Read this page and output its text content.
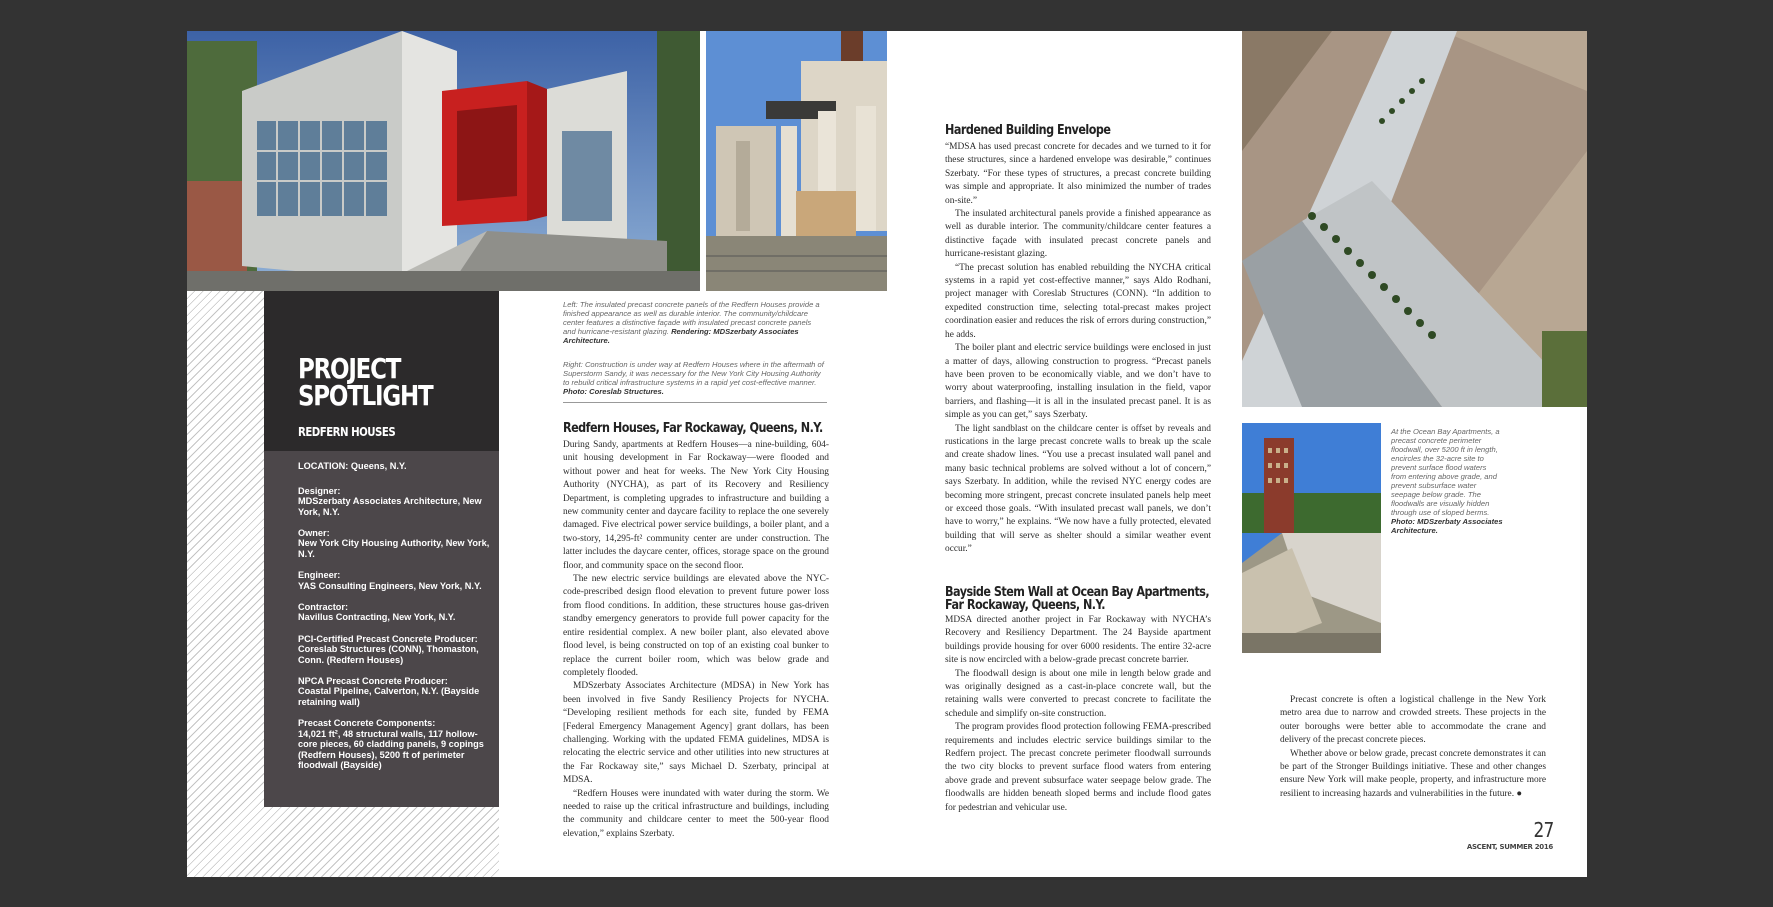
PROJECT
SPOTLIGHT
REDFERN HOUSES
LOCATION: Queens, N.Y.
Designer:
MDSzerbaty Associates Architecture, New York, N.Y.
Owner:
New York City Housing Authority, New York, N.Y.
Engineer:
YAS Consulting Engineers, New York, N.Y.
Contractor:
Navillus Contracting, New York, N.Y.
PCI-Certified Precast Concrete Producer:
Coreslab Structures (CONN), Thomaston, Conn. (Redfern Houses)
NPCA Precast Concrete Producer:
Coastal Pipeline, Calverton, N.Y. (Bayside retaining wall)
Precast Concrete Components:
14,021 ft², 48 structural walls, 117 hollow-core pieces, 60 cladding panels, 9 copings (Redfern Houses), 5200 ft of perimeter floodwall (Bayside)
Left: The insulated precast concrete panels of the Redfern Houses provide a finished appearance as well as durable interior. The community/childcare center features a distinctive façade with insulated precast concrete panels and hurricane-resistant glazing. Rendering: MDSzerbaty Associates Architecture.
Right: Construction is under way at Redfern Houses where in the aftermath of Superstorm Sandy, it was necessary for the New York City Housing Authority to rebuild critical infrastructure systems in a rapid yet cost-effective manner. Photo: Coreslab Structures.
Redfern Houses, Far Rockaway, Queens, N.Y.

During Sandy, apartments at Redfern Houses—a nine-building, 604-unit housing development in Far Rockaway—were flooded and without power and heat for weeks. The New York City Housing Authority (NYCHA), as part of its Recovery and Resiliency Department, is completing upgrades to infrastructure and building a new community center and daycare facility to replace the one severely damaged. Five electrical power service buildings, a boiler plant, and a two-story, 14,295-ft² community center are under construction. The latter includes the daycare center, offices, storage space on the ground floor, and community space on the second floor.

The new electric service buildings are elevated above the NYC-code-prescribed design flood elevation to prevent future power loss from flood conditions. In addition, these structures house gas-driven standby emergency generators to provide full power capacity for the entire residential complex. A new boiler plant, also elevated above flood level, is being constructed on top of an existing coal bunker to replace the current boiler room, which was below grade and completely flooded.

MDSzerbaty Associates Architecture (MDSA) in New York has been involved in five Sandy Resiliency Projects for NYCHA. “Developing resilient methods for each site, funded by FEMA [Federal Emergency Management Agency] grant dollars, has been challenging. Working with the updated FEMA guidelines, MDSA is relocating the electric service and other utilities into new structures at the Far Rockaway site,” says Michael D. Szerbaty, principal at MDSA.

“Redfern Houses were inundated with water during the storm. We needed to raise up the critical infrastructure and buildings, including the community and childcare center to meet the 500-year flood elevation,” explains Szerbaty.

Hardened Building Envelope

“MDSA has used precast concrete for decades and we turned to it for these structures, since a hardened envelope was desirable,” continues Szerbaty. “For these types of structures, a precast concrete building was simple and appropriate. It also minimized the number of trades on-site.”

The insulated architectural panels provide a finished appearance as well as durable interior. The community/childcare center features a distinctive façade with insulated precast concrete panels and hurricane-resistant glazing.

“The precast solution has enabled rebuilding the NYCHA critical systems in a rapid yet cost-effective manner,” says Aldo Rodhani, project manager with Coreslab Structures (CONN). “In addition to expedited construction time, selecting total-precast makes project coordination easier and reduces the risk of errors during construction,” he adds.

The boiler plant and electric service buildings were enclosed in just a matter of days, allowing construction to progress. “Precast panels have been proven to be economically viable, and we don’t have to worry about waterproofing, installing insulation in the field, vapor barriers, and flashing—it is all in the insulated precast panel. It is as simple as you can get,” says Szerbaty.

The light sandblast on the childcare center is offset by reveals and rustications in the large precast concrete walls to break up the scale and create shadow lines. “You use a precast insulated wall panel and many basic technical problems are solved without a lot of concern,” says Szerbaty. In addition, while the revised NYC energy codes are becoming more stringent, precast concrete insulated panels help meet or exceed those goals. “With insulated precast wall panels, we don’t have to worry,” he explains. “We now have a fully protected, elevated building that will serve as shelter should a similar weather event occur.”

Bayside Stem Wall at Ocean Bay Apartments,
Far Rockaway, Queens, N.Y.

MDSA directed another project in Far Rockaway with NYCHA’s Recovery and Resiliency Department. The 24 Bayside apartment buildings provide housing for over 6000 residents. The entire 32-acre site is now encircled with a below-grade precast concrete barrier.

The floodwall design is about one mile in length below grade and was originally designed as a cast-in-place concrete wall, but the retaining walls were converted to precast concrete to facilitate the schedule and simplify on-site construction.

The program provides flood protection following FEMA-prescribed requirements and includes electric service buildings similar to the Redfern project. The precast concrete perimeter floodwall surrounds the two city blocks to prevent surface flood waters from entering above grade and prevent subsurface water seepage below grade. The floodwalls are hidden beneath sloped berms and include flood gates for pedestrian and vehicular use.

At the Ocean Bay Apartments, a precast concrete perimeter floodwall, over 5200 ft in length, encircles the 32-acre site to prevent surface flood waters from entering above grade, and prevent subsurface water seepage below grade. The floodwalls are visually hidden through use of sloped berms. Photo: MDSzerbaty Associates Architecture.

Precast concrete is often a logistical challenge in the New York metro area due to narrow and crowded streets. These projects in the outer boroughs were better able to accommodate the crane and delivery of the precast concrete pieces.

Whether above or below grade, precast concrete demonstrates it can be part of the Stronger Buildings initiative. These and other changes ensure New York will make people, property, and infrastructure more resilient to increasing hazards and vulnerabilities in the future. ●

27
ASCENT, SUMMER 2016
